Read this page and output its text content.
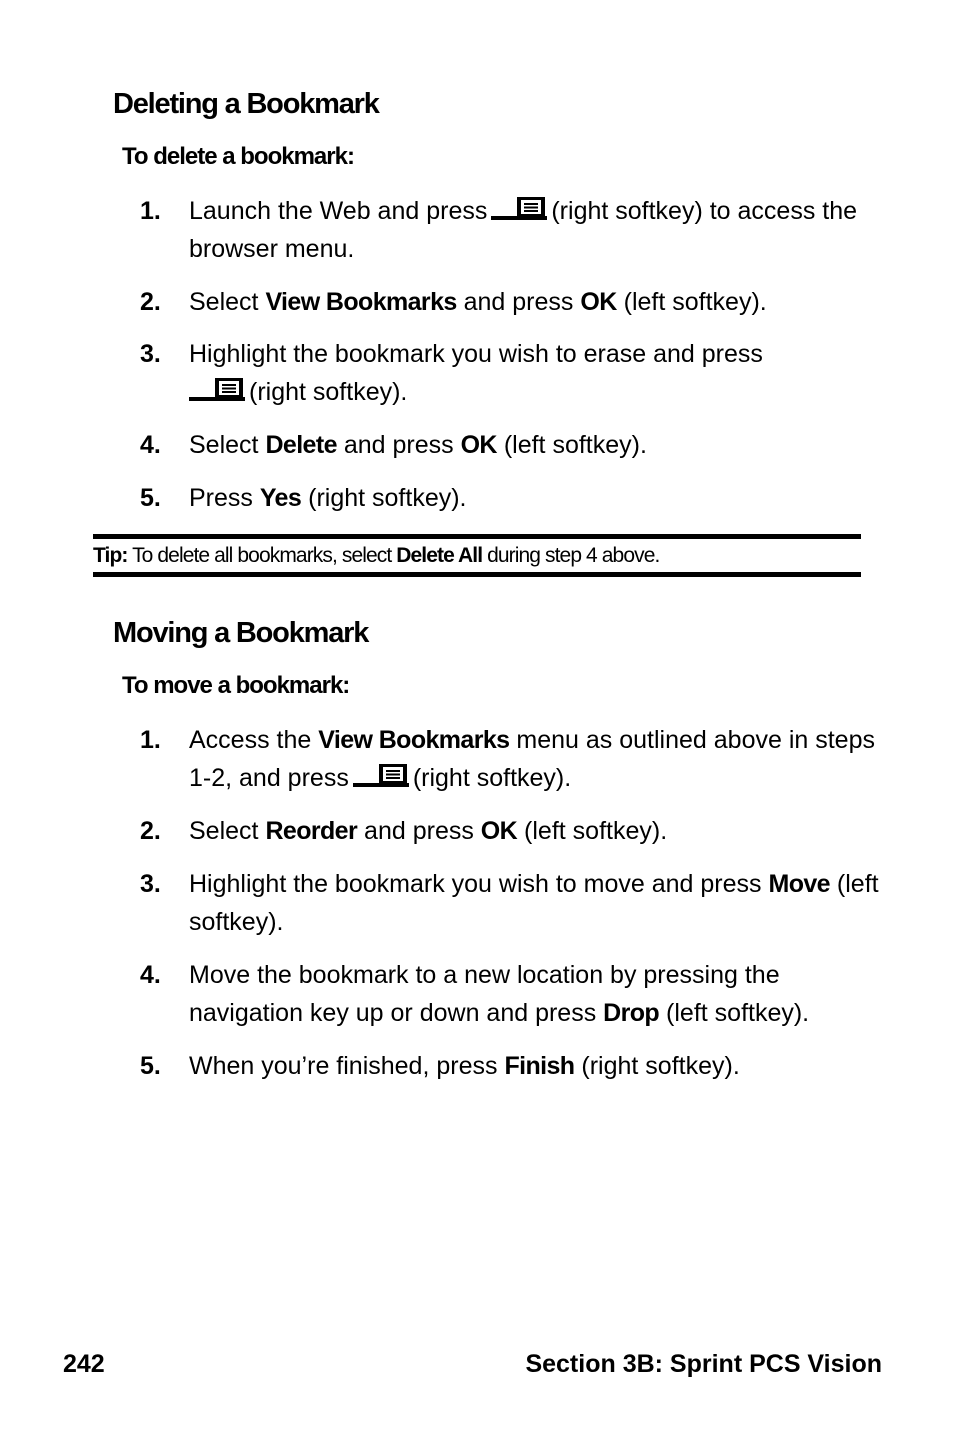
Deleting a Bookmark

To delete a bookmark:

1.	Launch the Web and press	(right softkey) to access the browser menu.
2.	Select View Bookmarks and press OK (left softkey).
3.	Highlight the bookmark you wish to erase and press

(right softkey).
4.	Select Delete and press OK (left softkey).
5.	Press Yes (right softkey).
Tip: To delete all bookmarks, select Delete All during step 4 above.
Moving a Bookmark

To move a bookmark:

1.	Access the View Bookmarks menu as outlined above in steps 1-2, and press	(right softkey).
2.	Select Reorder and press OK (left softkey).
3.	Highlight the bookmark you wish to move and press Move (left softkey).
4.	Move the bookmark to a new location by pressing the navigation key up or down and press Drop (left softkey).
5.	When you’re finished, press Finish (right softkey).
242	Section 3B: Sprint PCS Vision
